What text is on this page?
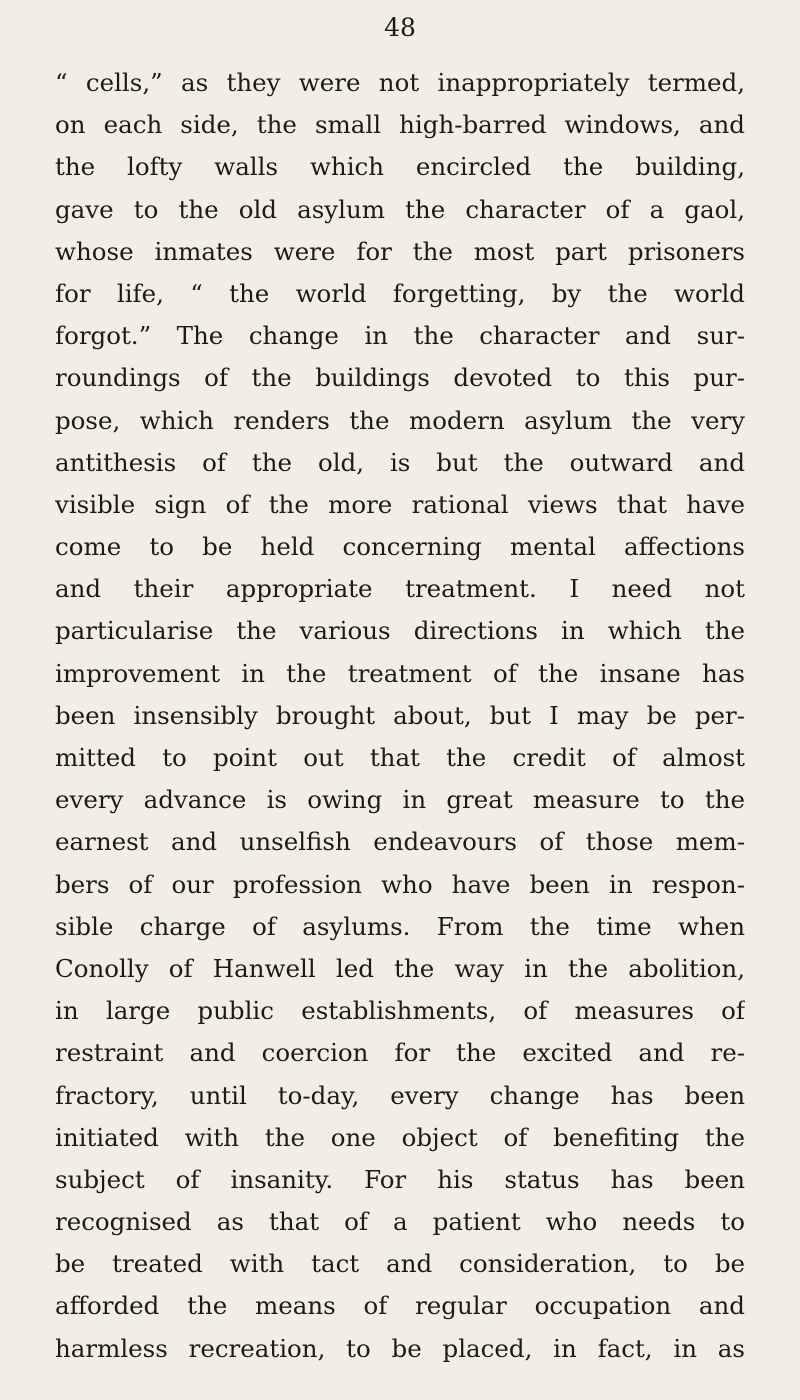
48
“ cells,” as they were not inappropriately termed,
on each side, the small high-barred windows, and
the lofty walls which encircled the building,
gave to the old asylum the character of a gaol,
whose inmates were for the most part prisoners
for life, “ the world forgetting, by the world
forgot.” The change in the character and sur-
roundings of the buildings devoted to this pur-
pose, which renders the modern asylum the very
antithesis of the old, is but the outward and
visible sign of the more rational views that have
come to be held concerning mental affections
and their appropriate treatment. I need not
particularise the various directions in which the
improvement in the treatment of the insane has
been insensibly brought about, but I may be per-
mitted to point out that the credit of almost
every advance is owing in great measure to the
earnest and unselfish endeavours of those mem-
bers of our profession who have been in respon-
sible charge of asylums. From the time when
Conolly of Hanwell led the way in the abolition,
in large public establishments, of measures of
restraint and coercion for the excited and re-
fractory, until to-day, every change has been
initiated with the one object of benefiting the
subject of insanity. For his status has been
recognised as that of a patient who needs to
be treated with tact and consideration, to be
afforded the means of regular occupation and
harmless recreation, to be placed, in fact, in as
